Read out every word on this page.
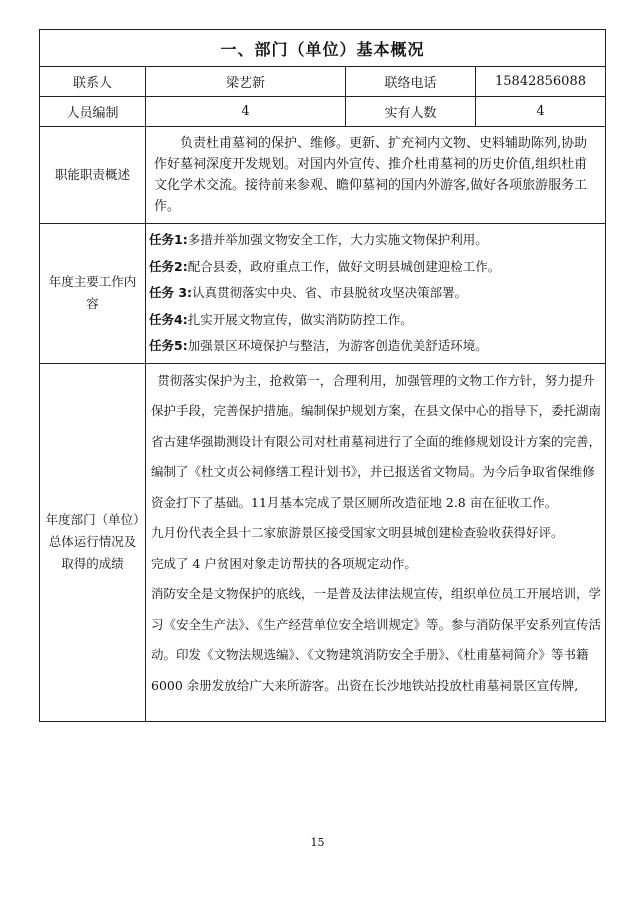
一、部门（单位）基本概况			
联系人	梁艺新	联络电话	15842856088
人员编制	4	实有人数	4
职能职责概述	负责杜甫墓祠的保护、维修。更新、扩充祠内文物、史料辅助陈列,协助作好墓祠深度开发规划。对国内外宣传、推介杜甫墓祠的历史价值,组织杜甫文化学术交流。接待前来参观、瞻仰墓祠的国内外游客,做好各项旅游服务工作。		
年度主要工作内容	任务1:多措并举加强文物安全工作，大力实施文物保护利用。
任务2:配合县委，政府重点工作，做好文明县城创建迎检工作。
任务 3:认真贯彻落实中央、省、市县脱贫攻坚决策部署。
任务4:扎实开展文物宣传，做实消防防控工作。
任务5:加强景区环境保护与整洁，为游客创造优美舒适环境。		

年度部门（单位）总体运行情况及取得的成绩	贯彻落实保护为主，抢救第一，合理利用，加强管理的文物工作方针，努力提升保护手段，完善保护措施。编制保护规划方案，在县文保中心的指导下，委托湖南省古建华强勘测设计有限公司对杜甫墓祠进行了全面的维修规划设计方案的完善，编制了《杜文贞公祠修缮工程计划书》，并已报送省文物局。为今后争取省保维修资金打下了基础。11月基本完成了景区厕所改造征地 2.8 亩在征收工作。

九月份代表全县十二家旅游景区接受国家文明县城创建检查验收获得好评。

完成了 4 户贫困对象走访帮扶的各项规定动作。

消防安全是文物保护的底线，一是普及法律法规宣传，组织单位员工开展培训，学习《安全生产法》、《生产经营单位安全培训规定》等。参与消防保平安系列宣传活动。印发《文物法规选编》、《文物建筑消防安全手册》、《杜甫墓祠简介》等书籍 6000 余册发放给广大来所游客。出资在长沙地铁站投放杜甫墓祠景区宣传牌,		

15
